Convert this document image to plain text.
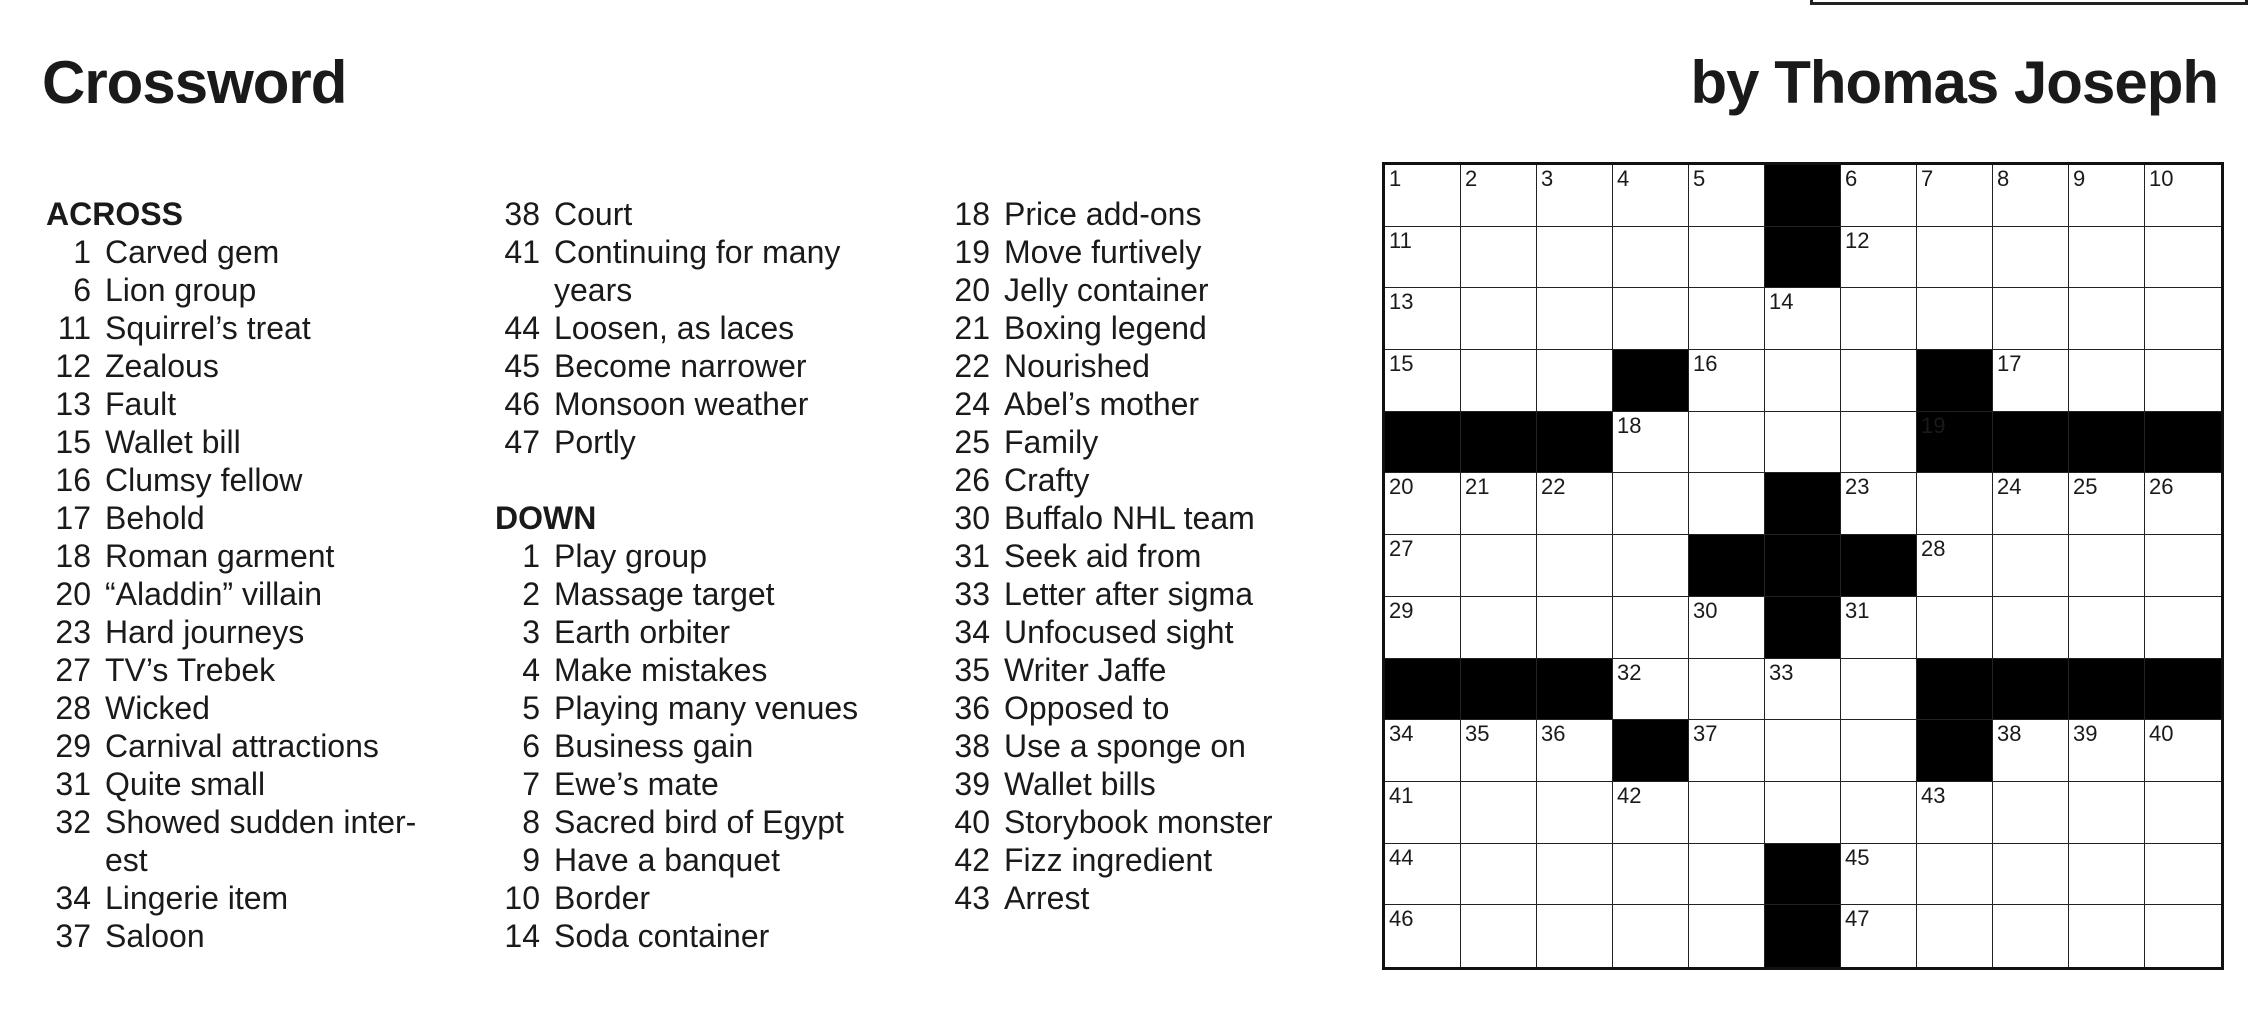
Crossword	by Thomas Joseph
ACROSS
1 Carved gem
6 Lion group
11 Squirrel’s treat
12 Zealous
13 Fault
15 Wallet bill
16 Clumsy fellow
17 Behold
18 Roman garment
20 “Aladdin” villain
23 Hard journeys
27 TV’s Trebek
28 Wicked
29 Carnival attractions
31 Quite small
32 Showed sudden inter-est
34 Lingerie item
37 Saloon
38 Court
41 Continuing for many years
44 Loosen, as laces
45 Become narrower
46 Monsoon weather
47 Portly
DOWN
1 Play group
2 Massage target
3 Earth orbiter
4 Make mistakes
5 Playing many venues
6 Business gain
7 Ewe’s mate
8 Sacred bird of Egypt
9 Have a banquet
10 Border
14 Soda container
18 Price add-ons
19 Move furtively
20 Jelly container
21 Boxing legend
22 Nourished
24 Abel’s mother
25 Family
26 Crafty
30 Buffalo NHL team
31 Seek aid from
33 Letter after sigma
34 Unfocused sight
35 Writer Jaffe
36 Opposed to
38 Use a sponge on
39 Wallet bills
40 Storybook monster
42 Fizz ingredient
43 Arrest
1	2	3	4	5	6	7	8	9	10
11	12
13	14
15	16	17
18	19
20 21 22	23	24 25 26
27	28
29	30	31
32	33
34 35 36	37	38 39 40
41	42	43
44	45
46	47
